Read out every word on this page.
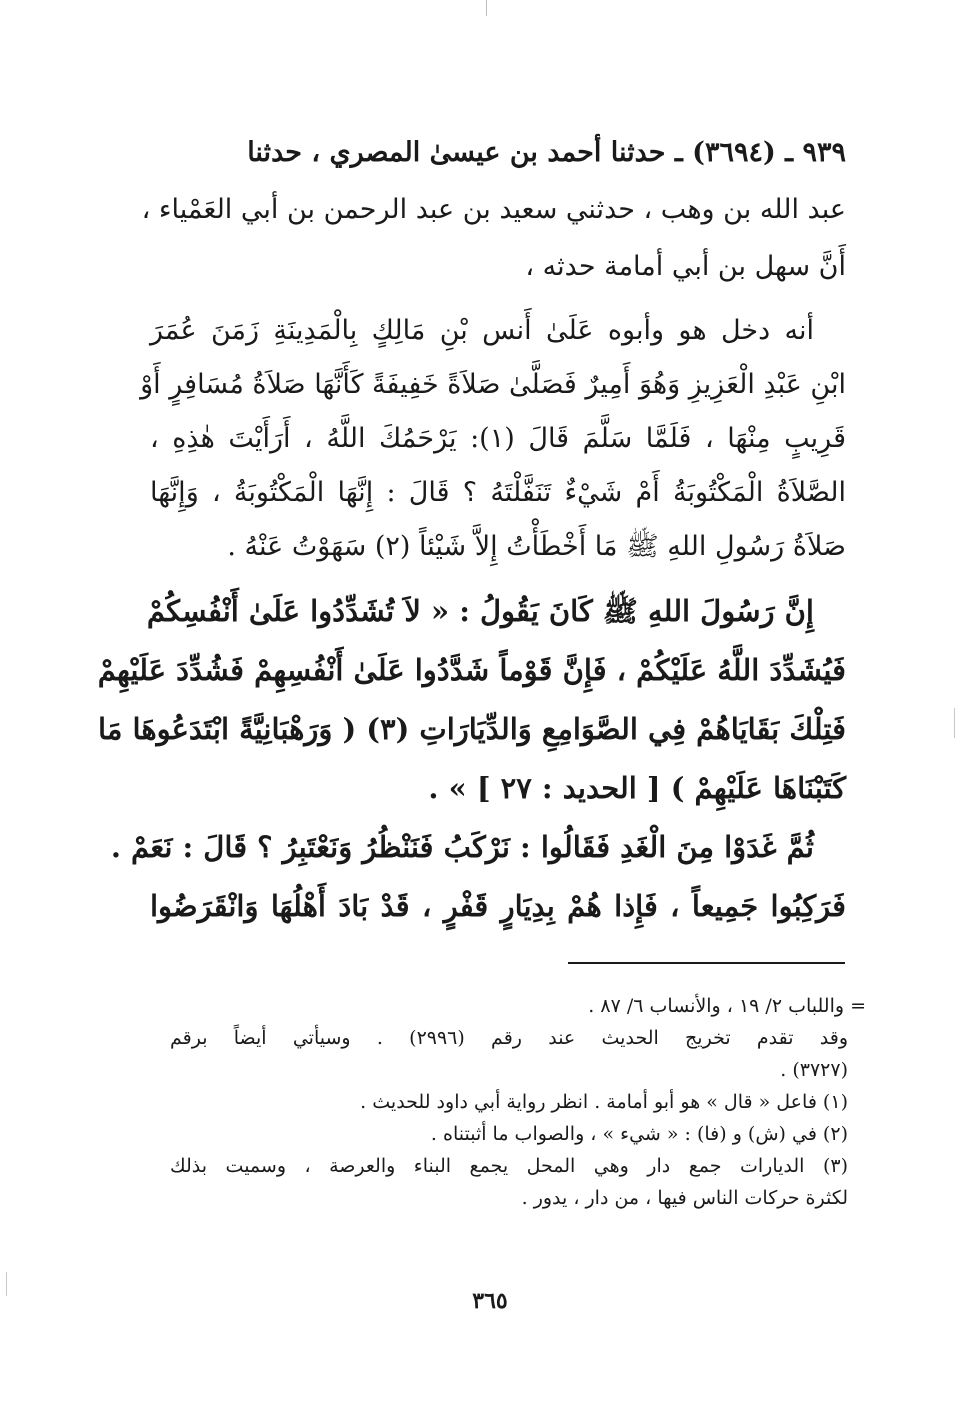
٩٣٩ ـ (٣٦٩٤) ـ حدثنا أحمد بن عيسىٰ المصري ، حدثنا
عبد الله بن وهب ، حدثني سعيد بن عبد الرحمن بن أبي العَمْياء ،
أَنَّ سهل بن أبي أمامة حدثه ،
أنه دخل هو وأبوه عَلَىٰ أَنس بْنِ مَالِكٍ بِالْمَدِينَةِ زَمَنَ عُمَرَ
ابْنِ عَبْدِ الْعَزِيزِ وَهُوَ أَمِيرٌ فَصَلَّىٰ صَلاَةً خَفِيفَةً كَأَنَّهَا صَلاَةُ مُسَافِرٍ أَوْ
قَرِيبٍ مِنْهَا ، فَلَمَّا سَلَّمَ قَالَ (١): يَرْحَمُكَ اللَّهُ ، أَرَأَيْتَ هٰذِهِ ،
الصَّلاَةُ الْمَكْتُوبَةُ أَمْ شَيْءٌ تَنَفَّلْتَهُ ؟ قَالَ : إِنَّهَا الْمَكْتُوبَةُ ، وَإِنَّهَا
صَلاَةُ رَسُولِ اللهِ ﷺ مَا أَخْطَأْتُ إِلاَّ شَيْئاً (٢) سَهَوْتُ عَنْهُ .
إِنَّ رَسُولَ اللهِ ﷺ كَانَ يَقُولُ : « لاَ تُشَدِّدُوا عَلَىٰ أَنْفُسِكُمْ
فَيُشَدِّدَ اللَّهُ عَلَيْكُمْ ، فَإِنَّ قَوْماً شَدَّدُوا عَلَىٰ أَنْفُسِهِمْ فَشُدِّدَ عَلَيْهِمْ
فَتِلْكَ بَقَايَاهُمْ فِي الصَّوَامِعِ وَالدِّيَارَاتِ (٣) ( وَرَهْبَانِيَّةً ابْتَدَعُوهَا مَا
كَتَبْنَاهَا عَلَيْهِمْ ) [ الحديد : ٢٧ ] » .
ثُمَّ غَدَوْا مِنَ الْغَدِ فَقَالُوا : نَرْكَبُ فَنَنْظُرُ وَنَعْتَبِرُ ؟ قَالَ : نَعَمْ .
فَرَكِبُوا جَمِيعاً ، فَإِذا هُمْ بِدِيَارٍ قَفْرٍ ، قَدْ بَادَ أَهْلُهَا وَانْقَرَضُوا
= واللباب ٢/ ١٩ ، والأنساب ٦/ ٨٧ .
وقد تقدم تخريج الحديث عند رقم (٢٩٩٦) . وسيأتي أيضاً برقم
(٣٧٢٧) .
(١) فاعل « قال » هو أبو أمامة . انظر رواية أبي داود للحديث .
(٢) في (ش) و (فا) : « شيء » ، والصواب ما أثبتناه .
(٣) الديارات جمع دار وهي المحل يجمع البناء والعرصة ، وسميت بذلك
لكثرة حركات الناس فيها ، من دار ، يدور .
٣٦٥
